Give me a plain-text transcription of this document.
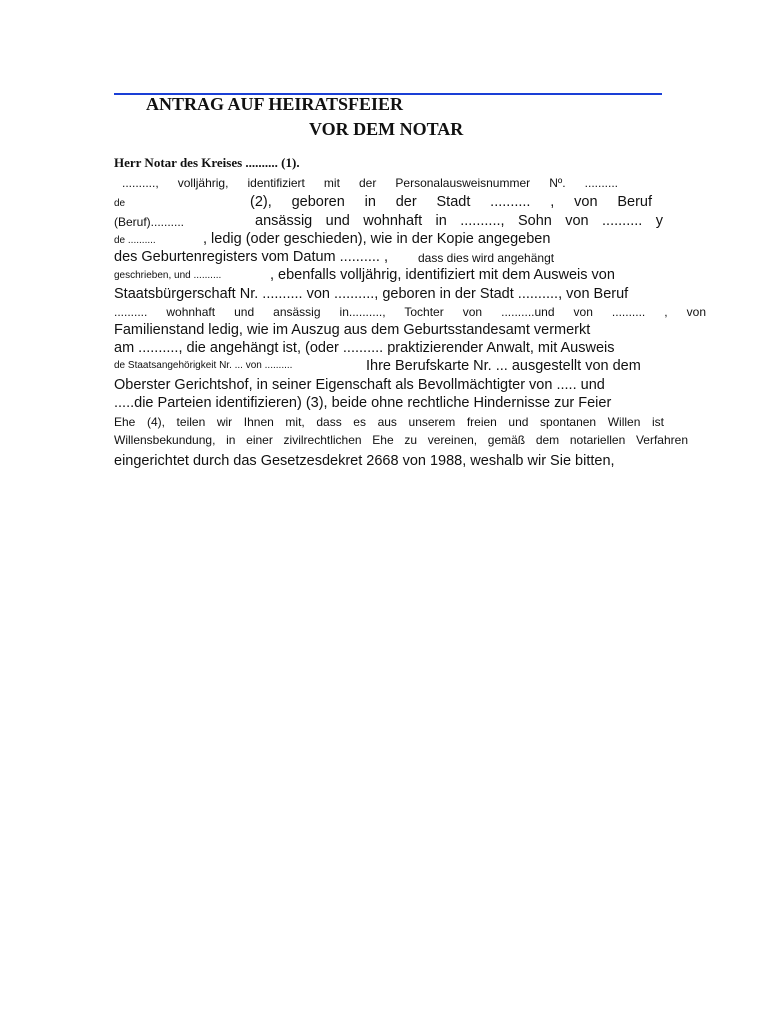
ANTRAG AUF HEIRATSFEIER
VOR DEM NOTAR
Herr Notar des Kreises .......... (1).
.........., volljährig, identifiziert mit der Personalausweisnummer Nº. ..........
de	(2), geboren in der Stadt .......... , von Beruf
(Beruf)..........	ansässig und wohnhaft in .........., Sohn von .......... y
de ..........	, ledig (oder geschieden), wie in der Kopie angegeben
des Geburtenregisters vom Datum .......... ,	dass dies wird angehängt
geschrieben, und ..........	, ebenfalls volljährig, identifiziert mit dem Ausweis von
Staatsbürgerschaft Nr. .......... von .........., geboren in der Stadt .........., von Beruf
.......... wohnhaft und ansässig in.........., Tochter von ..........und von .......... , von
Familienstand ledig, wie im Auszug aus dem Geburtsstandesamt vermerkt
am .........., die angehängt ist, (oder .......... praktizierender Anwalt, mit Ausweis
de Staatsangehörigkeit Nr. ... von ..........	Ihre Berufskarte Nr. ... ausgestellt von dem
Oberster Gerichtshof, in seiner Eigenschaft als Bevollmächtigter von ..... und
.....die Parteien identifizieren) (3), beide ohne rechtliche Hindernisse zur Feier
Ehe (4), teilen wir Ihnen mit, dass es aus unserem freien und spontanen Willen ist
Willensbekundung, in einer zivilrechtlichen Ehe zu vereinen, gemäß dem notariellen Verfahren
eingerichtet durch das Gesetzesdekret 2668 von 1988, weshalb wir Sie bitten,
